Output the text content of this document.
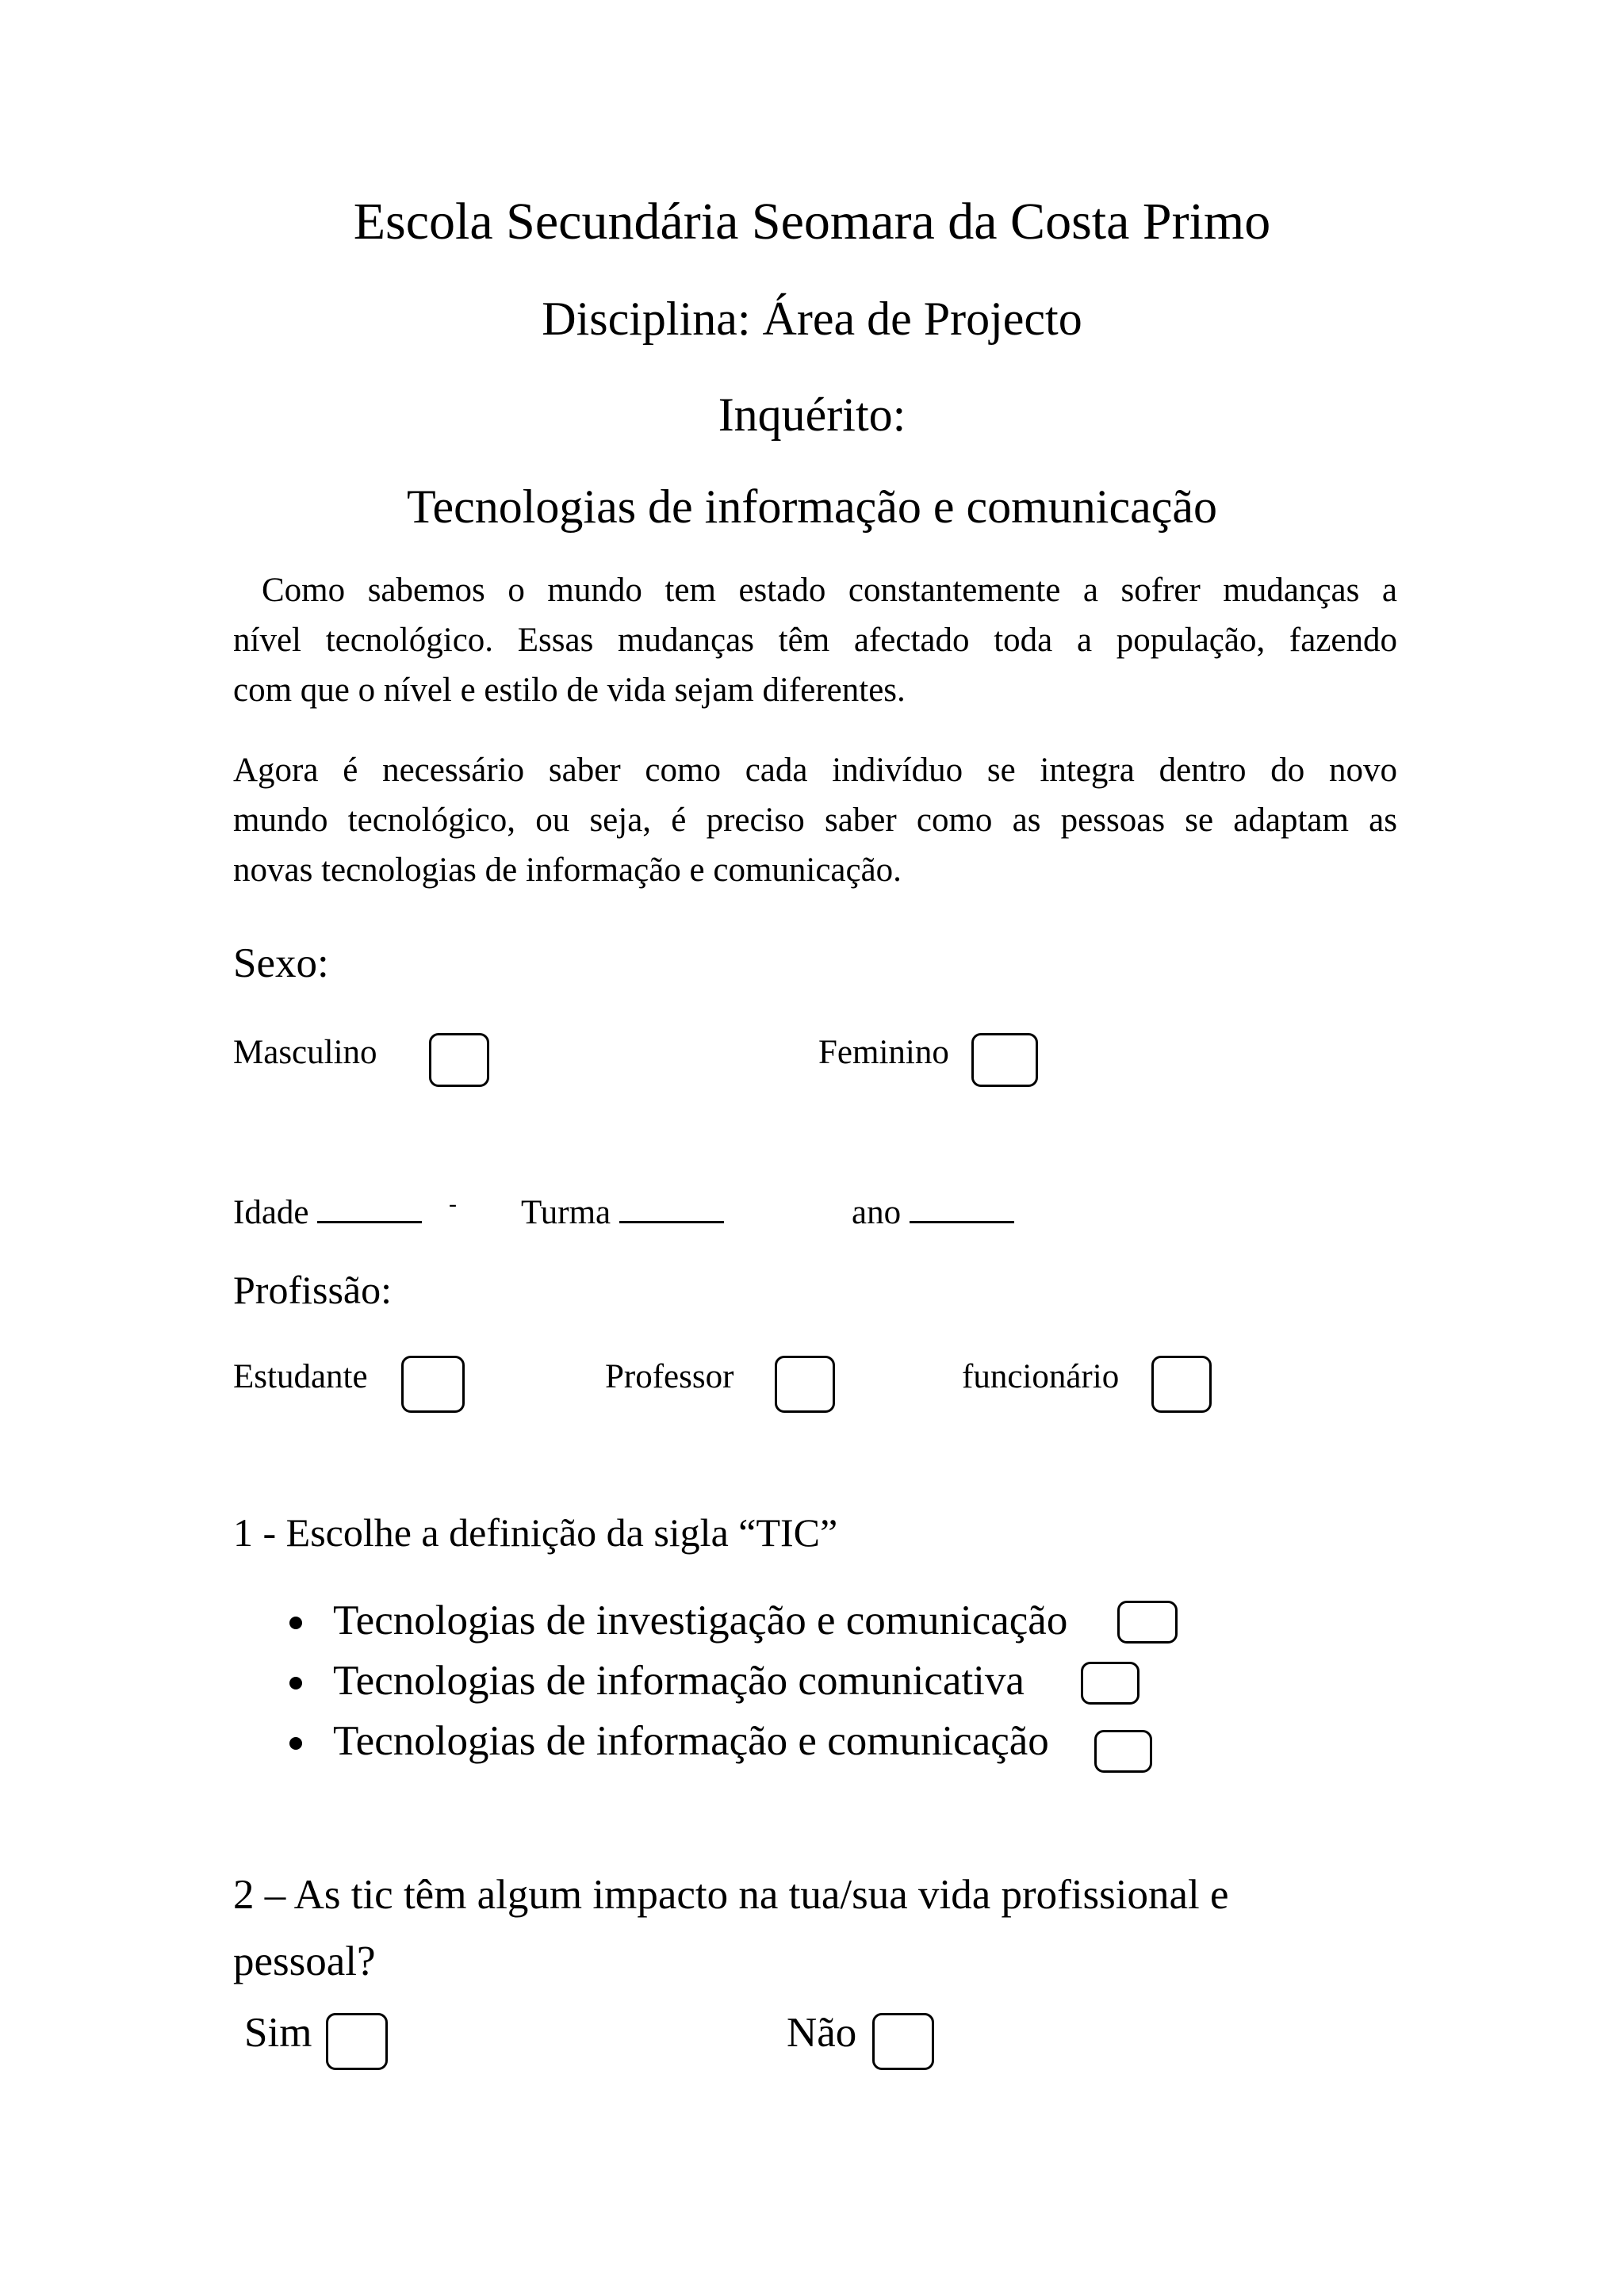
Escola Secundária Seomara da Costa Primo
Disciplina: Área de Projecto
Inquérito:
Tecnologias de informação e comunicação
Como sabemos o mundo tem estado constantemente a sofrer mudanças a
nível tecnológico. Essas mudanças têm afectado toda a população, fazendo
com que o nível e estilo de vida sejam diferentes.
Agora é necessário saber como cada indivíduo se integra dentro do novo
mundo tecnológico, ou seja, é preciso saber como as pessoas se adaptam as
novas tecnologias de informação e comunicação.
Sexo:
Masculino	Feminino
Idade	- Turma	ano
Profissão:
Estudante	Professor	funcionário
1 - Escolhe a definição da sigla “TIC”
Tecnologias de investigação e comunicação
Tecnologias de informação comunicativa
Tecnologias de informação e comunicação
2 – As tic têm algum impacto na tua/sua vida profissional e
pessoal?
Sim	Não
